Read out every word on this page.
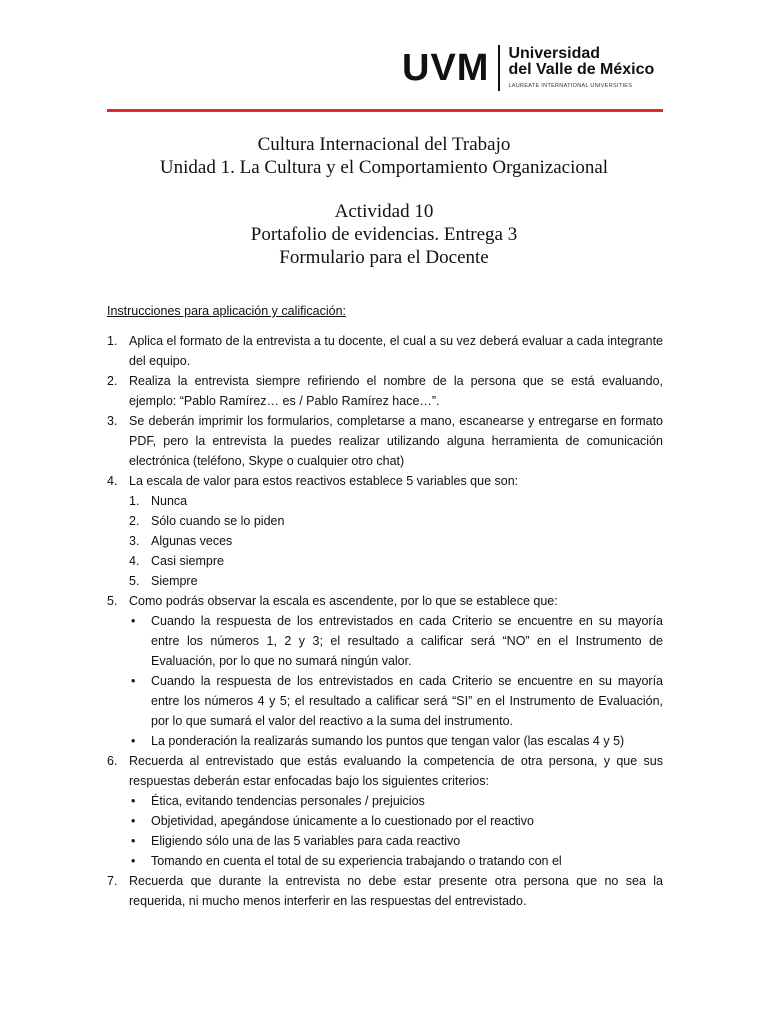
UVM Universidad
del Valle de México
LAUREATE INTERNATIONAL UNIVERSITIES
Cultura Internacional del Trabajo
Unidad 1. La Cultura y el Comportamiento Organizacional
Actividad 10
Portafolio de evidencias. Entrega 3
Formulario para el Docente
Instrucciones para aplicación y calificación:
1. Aplica el formato de la entrevista a tu docente, el cual a su vez deberá evaluar a cada integrante del equipo.
2. Realiza la entrevista siempre refiriendo el nombre de la persona que se está evaluando, ejemplo: “Pablo Ramírez… es / Pablo Ramírez hace…”.
3. Se deberán imprimir los formularios, completarse a mano, escanearse y entregarse en formato PDF, pero la entrevista la puedes realizar utilizando alguna herramienta de comunicación electrónica (teléfono, Skype o cualquier otro chat)
4. La escala de valor para estos reactivos establece 5 variables que son:
1. Nunca
2. Sólo cuando se lo piden
3. Algunas veces
4. Casi siempre
5. Siempre
5. Como podrás observar la escala es ascendente, por lo que se establece que:
• Cuando la respuesta de los entrevistados en cada Criterio se encuentre en su mayoría entre los números 1, 2 y 3; el resultado a calificar será “NO” en el Instrumento de Evaluación, por lo que no sumará ningún valor.
• Cuando la respuesta de los entrevistados en cada Criterio se encuentre en su mayoría entre los números 4 y 5; el resultado a calificar será “SI” en el Instrumento de Evaluación, por lo que sumará el valor del reactivo a la suma del instrumento.
• La ponderación la realizarás sumando los puntos que tengan valor (las escalas 4 y 5)
6. Recuerda al entrevistado que estás evaluando la competencia de otra persona, y que sus respuestas deberán estar enfocadas bajo los siguientes criterios:
• Ética, evitando tendencias personales / prejuicios
• Objetividad, apegándose únicamente a lo cuestionado por el reactivo
• Eligiendo sólo una de las 5 variables para cada reactivo
• Tomando en cuenta el total de su experiencia trabajando o tratando con el
7. Recuerda que durante la entrevista no debe estar presente otra persona que no sea la requerida, ni mucho menos interferir en las respuestas del entrevistado.
